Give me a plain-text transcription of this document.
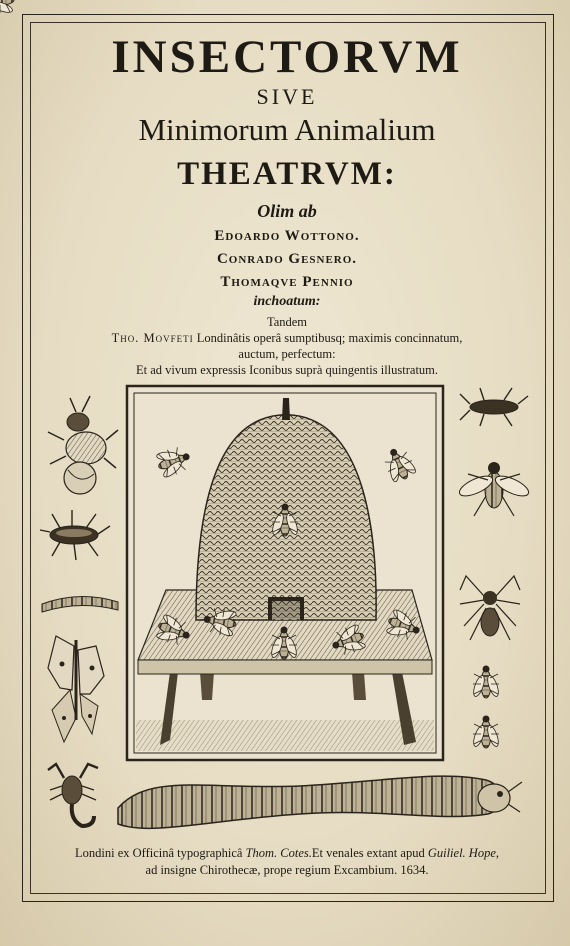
INSECTORVM
SIVE
Minimorum Animalium
THEATRVM:
Olim ab
Edoardo Wottono.
Conrado Gesnero.
Thomaqve Pennio
inchoatum:
Tandem
Tho. Movfeti Londinâtis operâ sumptibusq; maximis concinnatum,
auctum, perfectum:
Et ad vivum expressis Iconibus suprà quingentis illustratum.
Londini ex Officinâ typographicâ Thom. Cotes.Et venales extant apud Guiliel. Hope,
ad insigne Chirothecæ, prope regium Excambium. 1634.
